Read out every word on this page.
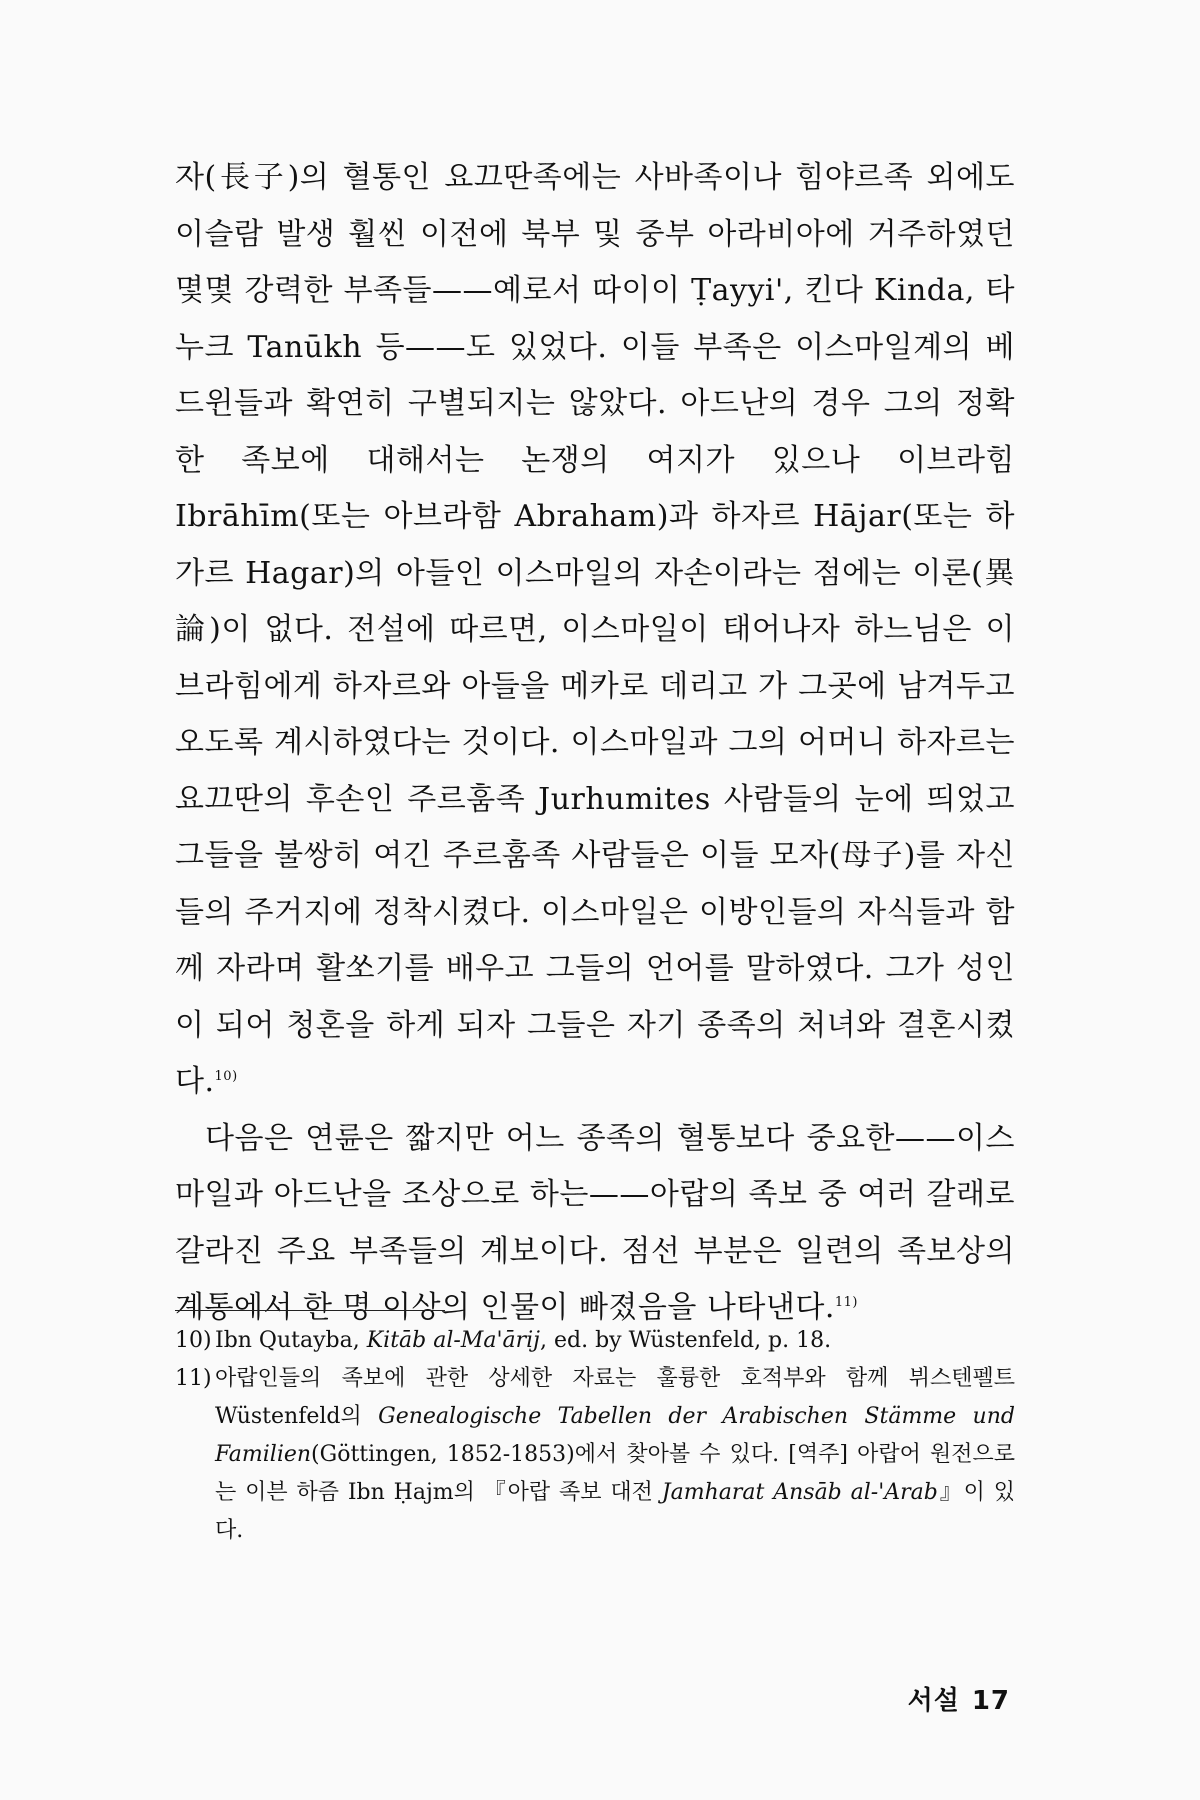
자(長子)의 혈통인 요끄딴족에는 사바족이나 힘야르족 외에도 이슬람 발생 훨씬 이전에 북부 및 중부 아라비아에 거주하였던 몇몇 강력한 부족들——예로서 따이이 Ṭayyi', 킨다 Kinda, 타누크 Tanūkh 등——도 있었다. 이들 부족은 이스마일계의 베드윈들과 확연히 구별되지는 않았다. 아드난의 경우 그의 정확한 족보에 대해서는 논쟁의 여지가 있으나 이브라힘 Ibrāhīm(또는 아브라함 Abraham)과 하자르 Hājar(또는 하가르 Hagar)의 아들인 이스마일의 자손이라는 점에는 이론(異論)이 없다. 전설에 따르면, 이스마일이 태어나자 하느님은 이브라힘에게 하자르와 아들을 메카로 데리고 가 그곳에 남겨두고 오도록 계시하였다는 것이다. 이스마일과 그의 어머니 하자르는 요끄딴의 후손인 주르훔족 Jurhumites 사람들의 눈에 띄었고 그들을 불쌍히 여긴 주르훔족 사람들은 이들 모자(母子)를 자신들의 주거지에 정착시켰다. 이스마일은 이방인들의 자식들과 함께 자라며 활쏘기를 배우고 그들의 언어를 말하였다. 그가 성인이 되어 청혼을 하게 되자 그들은 자기 종족의 처녀와 결혼시켰다.$^{10)}$

다음은 연륜은 짧지만 어느 종족의 혈통보다 중요한——이스마일과 아드난을 조상으로 하는——아랍의 족보 중 여러 갈래로 갈라진 주요 부족들의 계보이다. 점선 부분은 일련의 족보상의 계통에서 한 명 이상의 인물이 빠졌음을 나타낸다.$^{11)}$

10) Ibn Qutayba, Kitāb al-Ma'ārij, ed. by Wüstenfeld, p. 18.

11) 아랍인들의 족보에 관한 상세한 자료는 훌륭한 호적부와 함께 뷔스텐펠트 Wüstenfeld의 Genealogische Tabellen der Arabischen Stämme und Familien(Göttingen, 1852-1853)에서 찾아볼 수 있다. [역주] 아랍어 원전으로는 이븐 하즘 Ibn Ḥajm의 『아랍 족보 대전 Jamharat Ansāb al-'Arab』이 있다.

서설 17
